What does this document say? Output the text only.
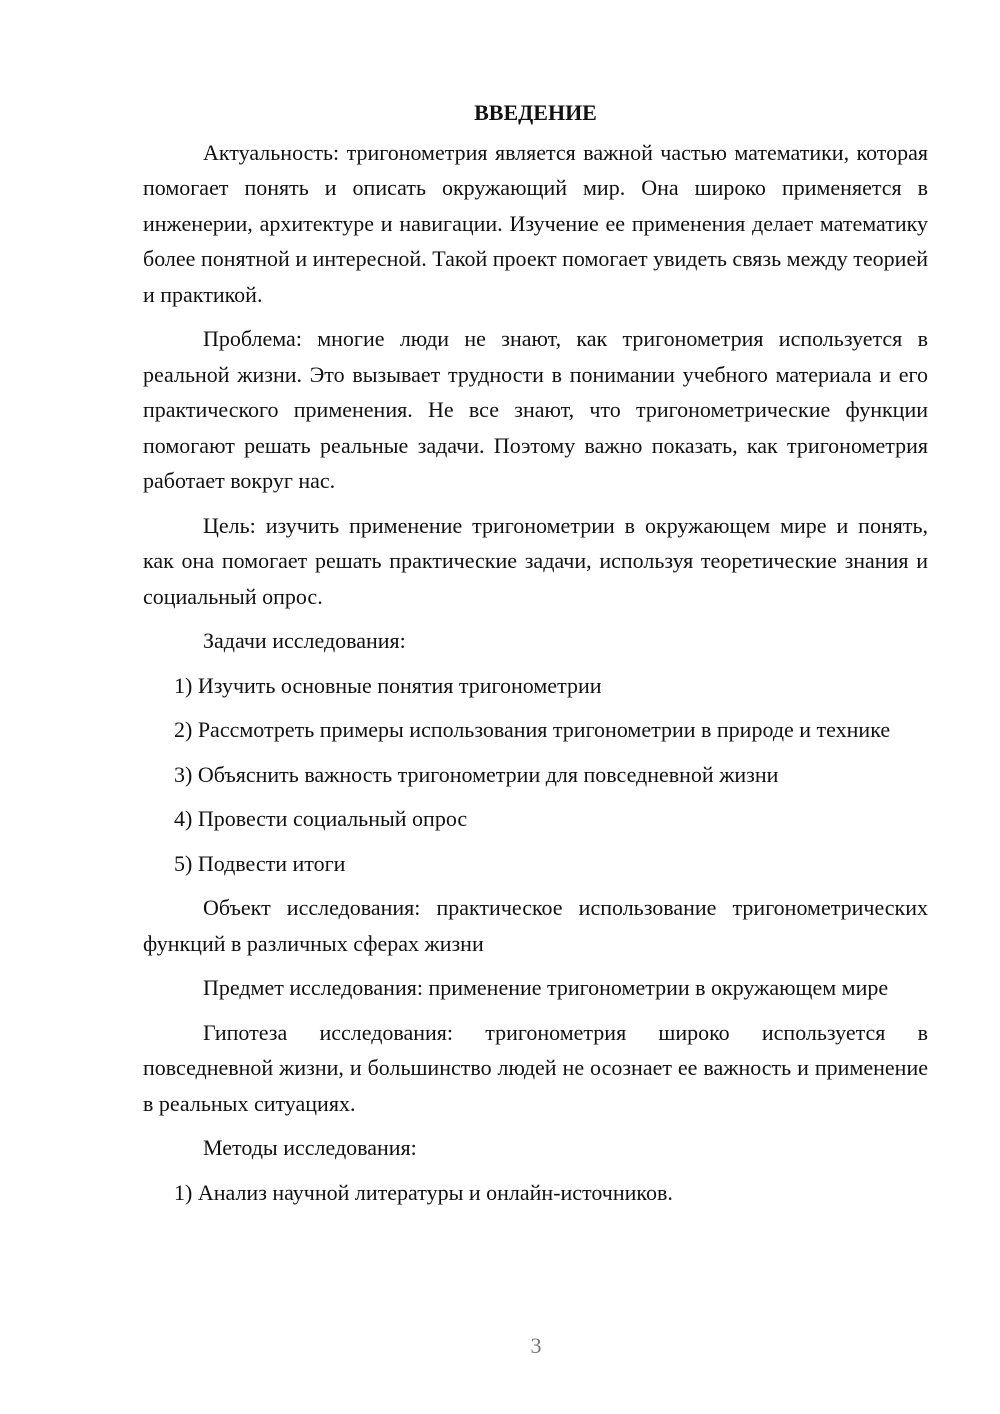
ВВЕДЕНИЕ

Актуальность: тригонометрия является важной частью математики, которая помогает понять и описать окружающий мир. Она широко применяется в инженерии, архитектуре и навигации. Изучение ее применения делает математику более понятной и интересной. Такой проект помогает увидеть связь между теорией и практикой.

Проблема: многие люди не знают, как тригонометрия используется в реальной жизни. Это вызывает трудности в понимании учебного материала и его практического применения. Не все знают, что тригонометрические функции помогают решать реальные задачи. Поэтому важно показать, как тригонометрия работает вокруг нас.

Цель: изучить применение тригонометрии в окружающем мире и понять, как она помогает решать практические задачи, используя теоретические знания и социальный опрос.

Задачи исследования:

1) Изучить основные понятия тригонометрии

2) Рассмотреть примеры использования тригонометрии в природе и технике

3) Объяснить важность тригонометрии для повседневной жизни

4) Провести социальный опрос

5) Подвести итоги

Объект исследования: практическое использование тригонометрических функций в различных сферах жизни

Предмет исследования: применение тригонометрии в окружающем мире

Гипотеза исследования: тригонометрия широко используется в повседневной жизни, и большинство людей не осознает ее важность и применение в реальных ситуациях.

Методы исследования:

1) Анализ научной литературы и онлайн-источников.

3
